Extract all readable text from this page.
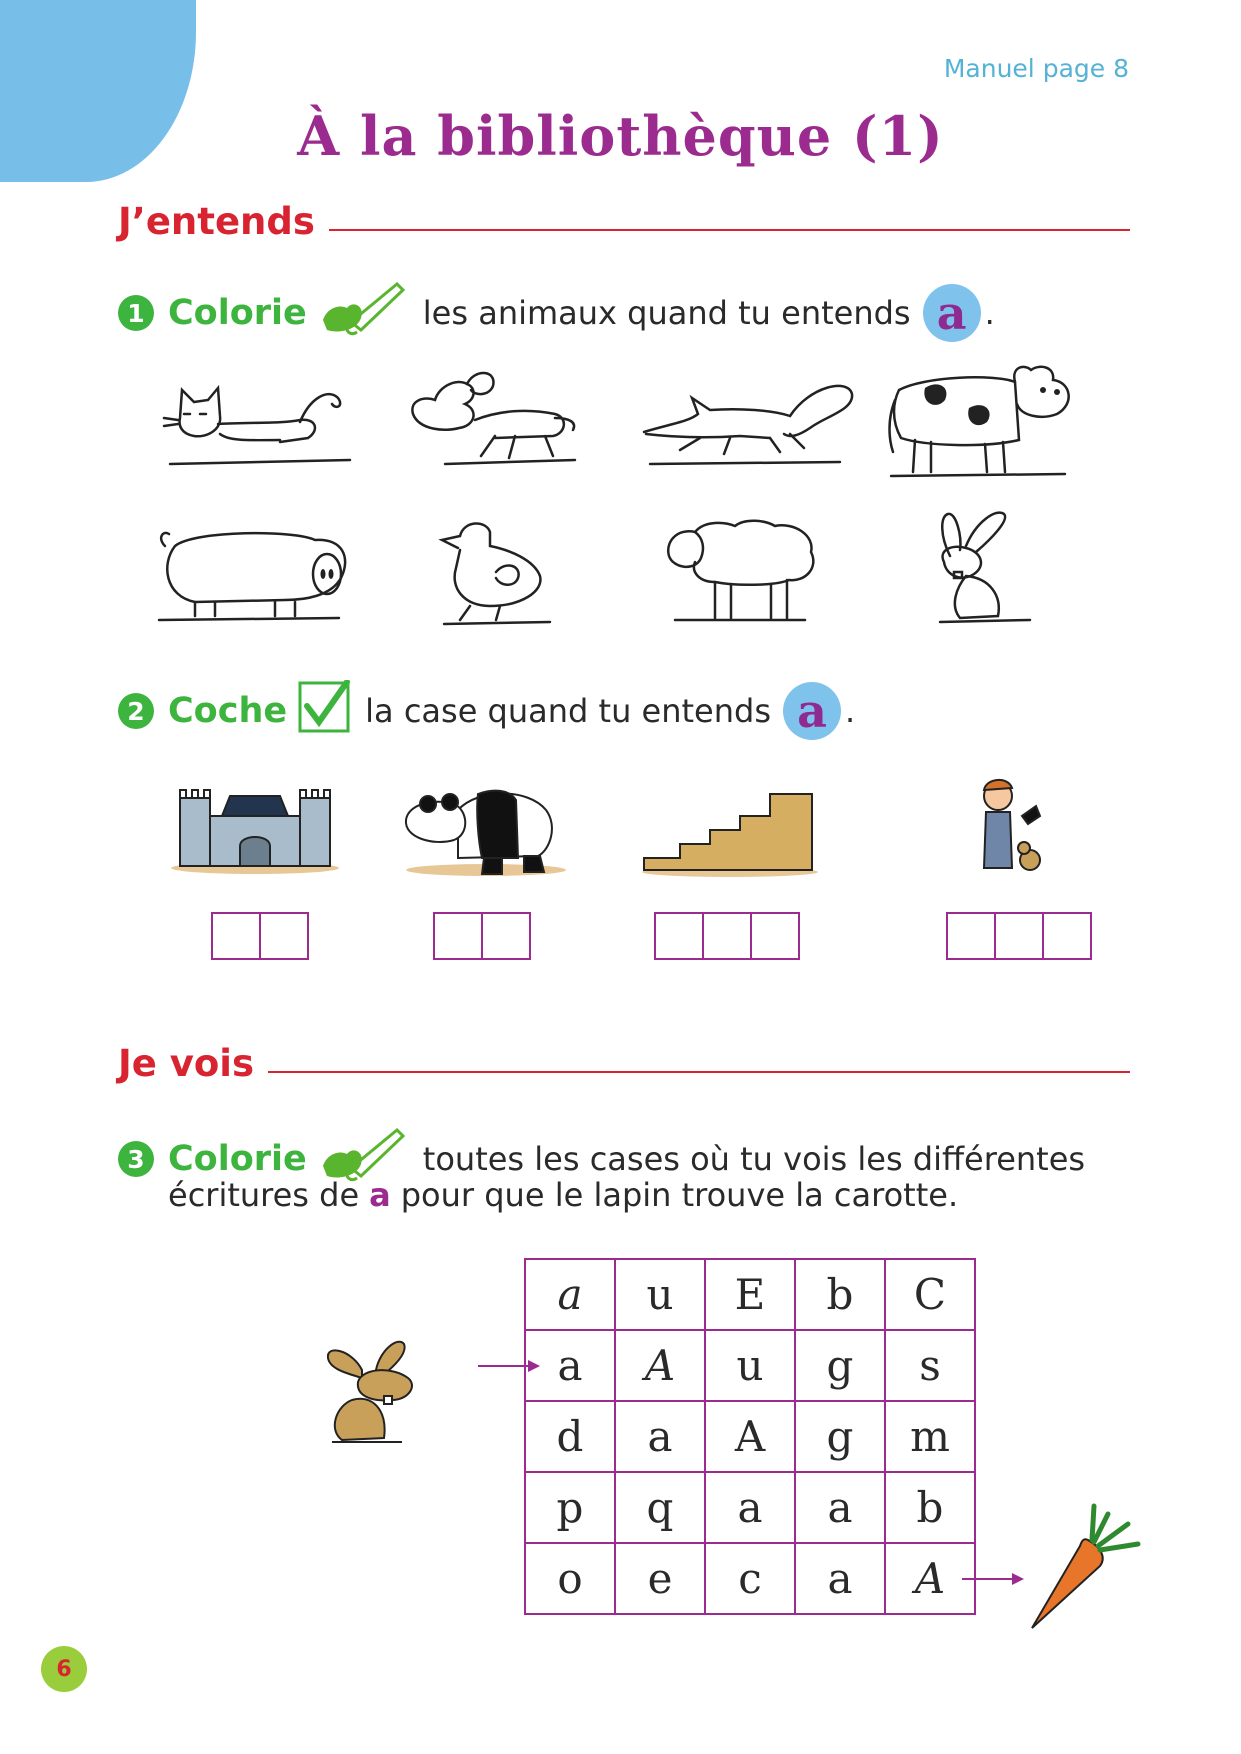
Manuel page 8
À la bibliothèque (1)
J’entends
1 Colorie	les animaux quand tu entends a .
2 Coche la case quand tu entends a .
Je vois
3 Colorie	toutes les cases où tu vois les différentes
écritures de a pour que le lapin trouve la carotte.
a	u	E	b	C
a	A	u	g	s
d	a	A	g	m
p	q	a	a	b
o	e	c	a	A
6
